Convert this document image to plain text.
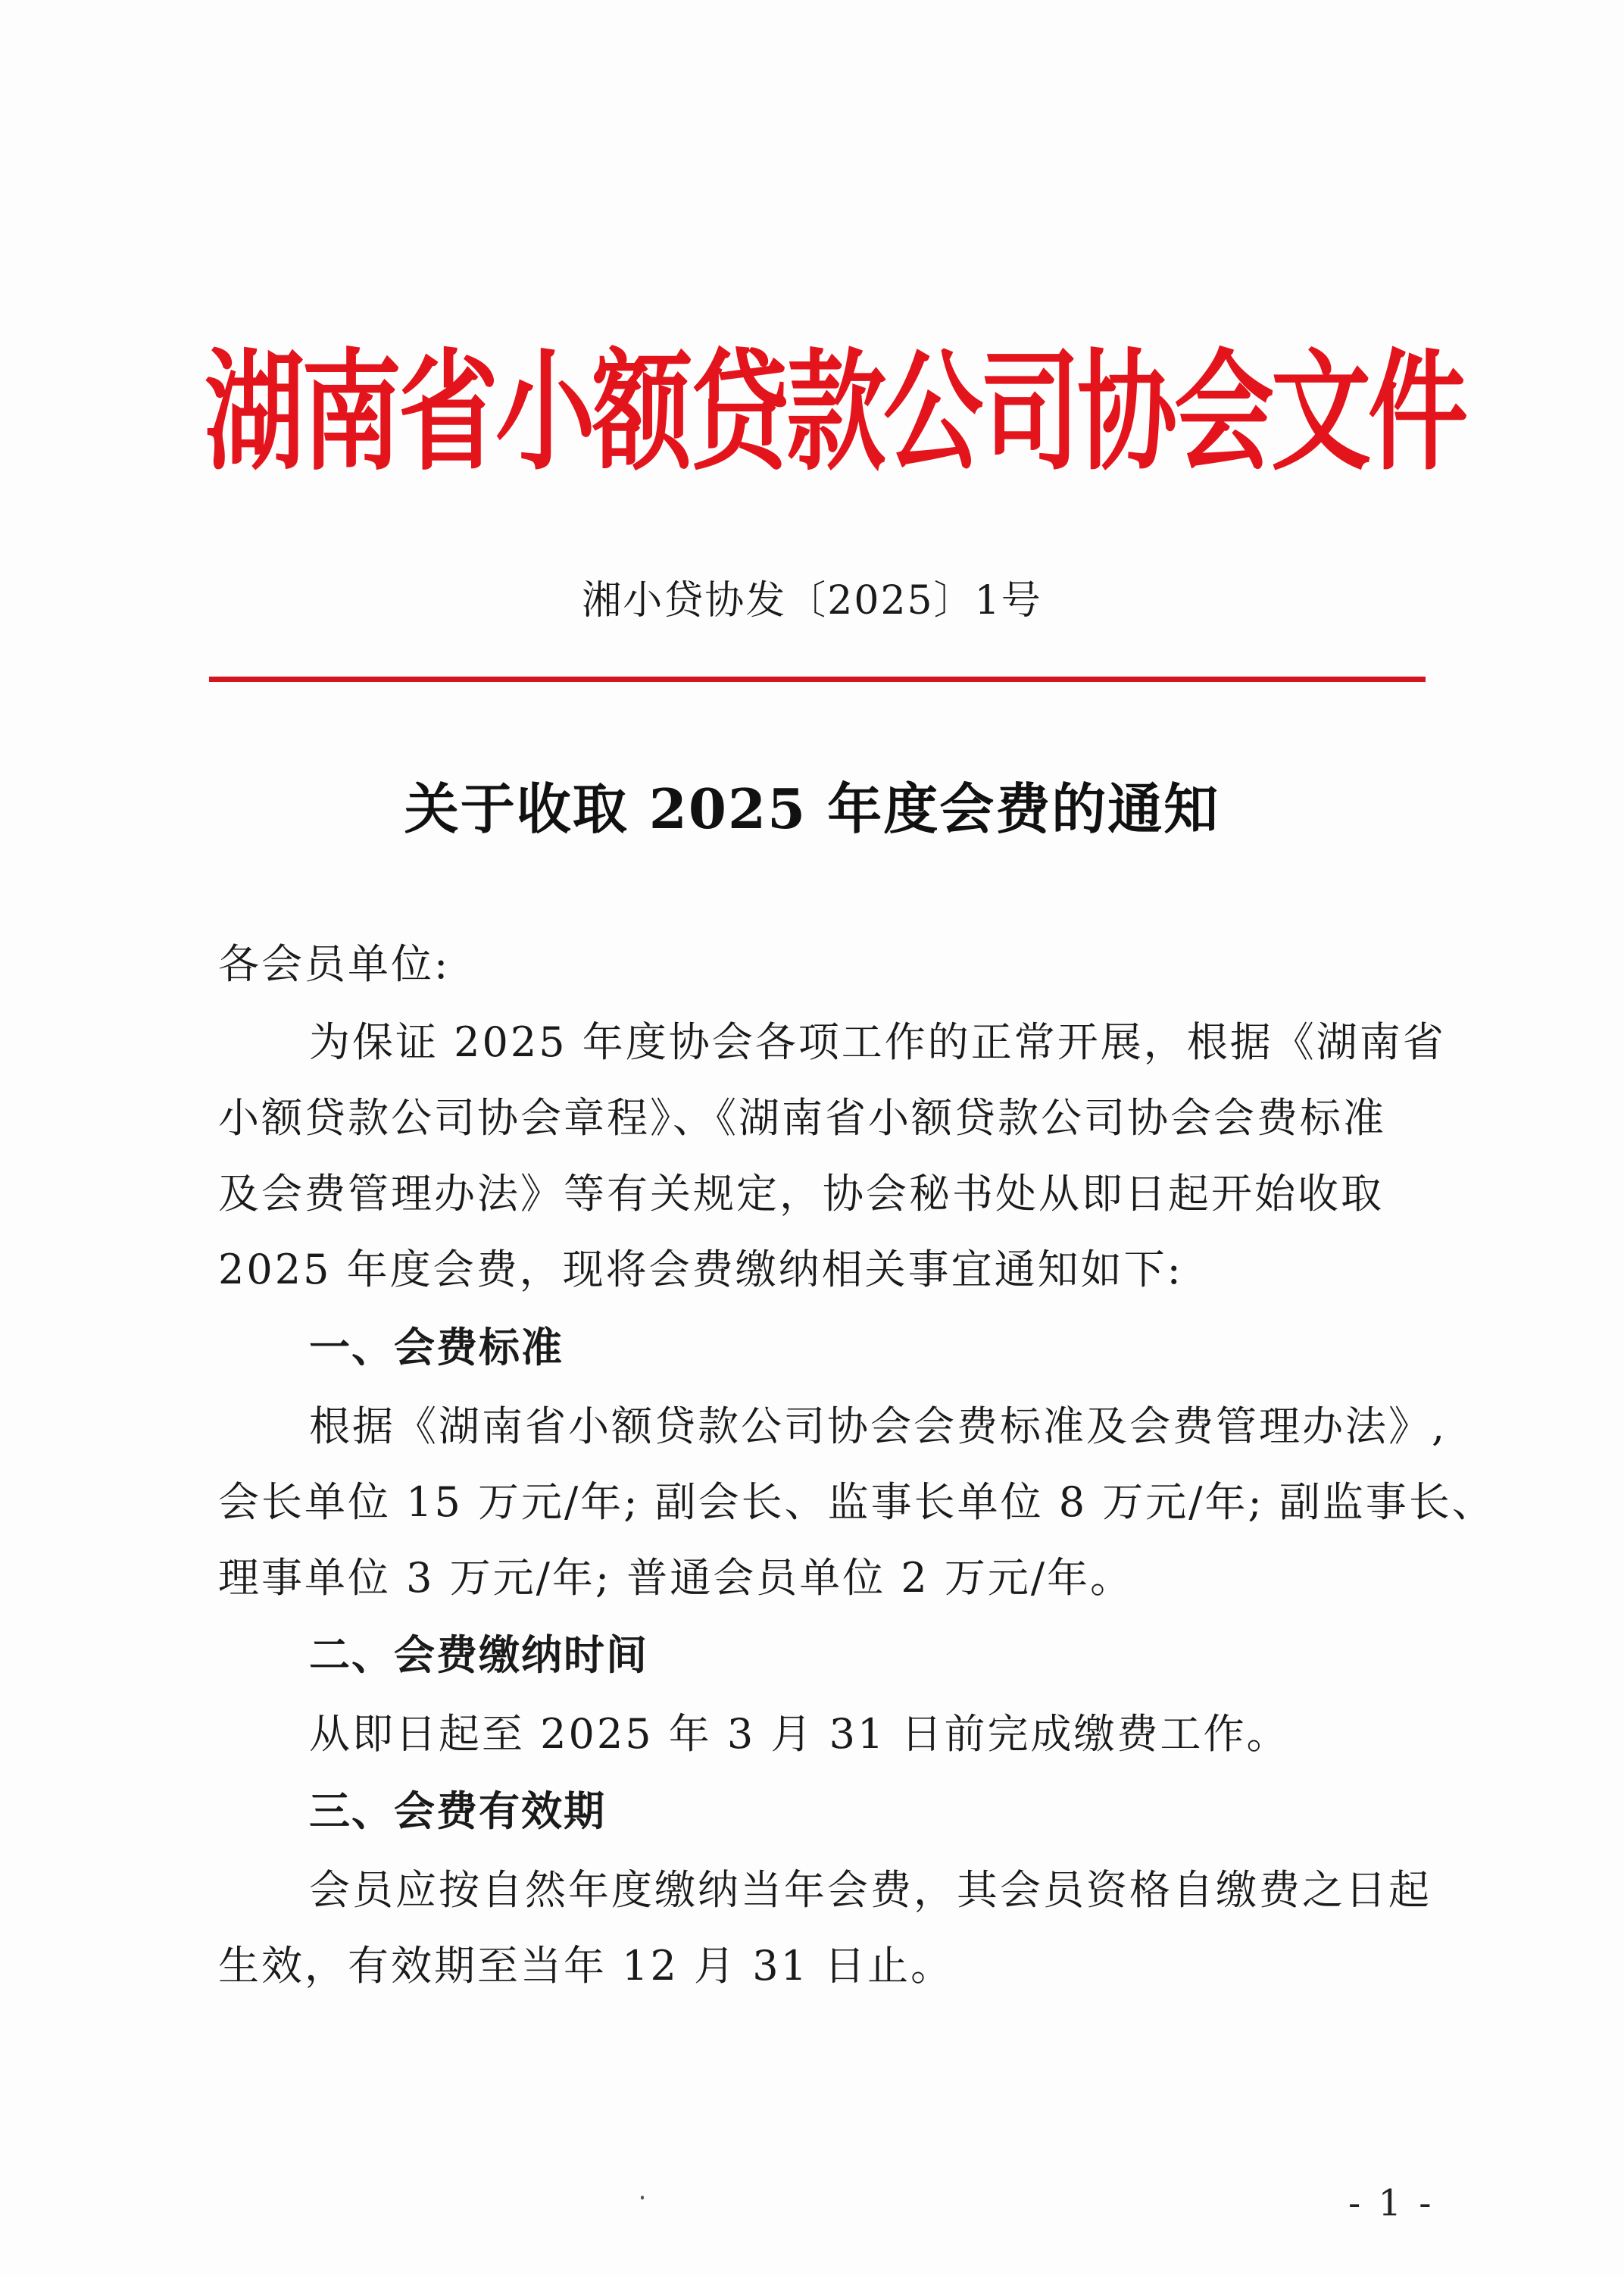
湖南省小额贷款公司协会文件
湘小贷协发〔2025〕1号
关于收取 2025 年度会费的通知
各会员单位:
为保证 2025 年度协会各项工作的正常开展，根据《湖南省
小额贷款公司协会章程》、《湖南省小额贷款公司协会会费标准
及会费管理办法》等有关规定，协会秘书处从即日起开始收取
2025 年度会费，现将会费缴纳相关事宜通知如下:
一、会费标准
根据《湖南省小额贷款公司协会会费标准及会费管理办法》,
会长单位 15 万元/年; 副会长、监事长单位 8 万元/年; 副监事长、
理事单位 3 万元/年; 普通会员单位 2 万元/年。
二、会费缴纳时间
从即日起至 2025 年 3 月 31 日前完成缴费工作。
三、会费有效期
会员应按自然年度缴纳当年会费，其会员资格自缴费之日起
生效，有效期至当年 12 月 31 日止。
- 1 -
